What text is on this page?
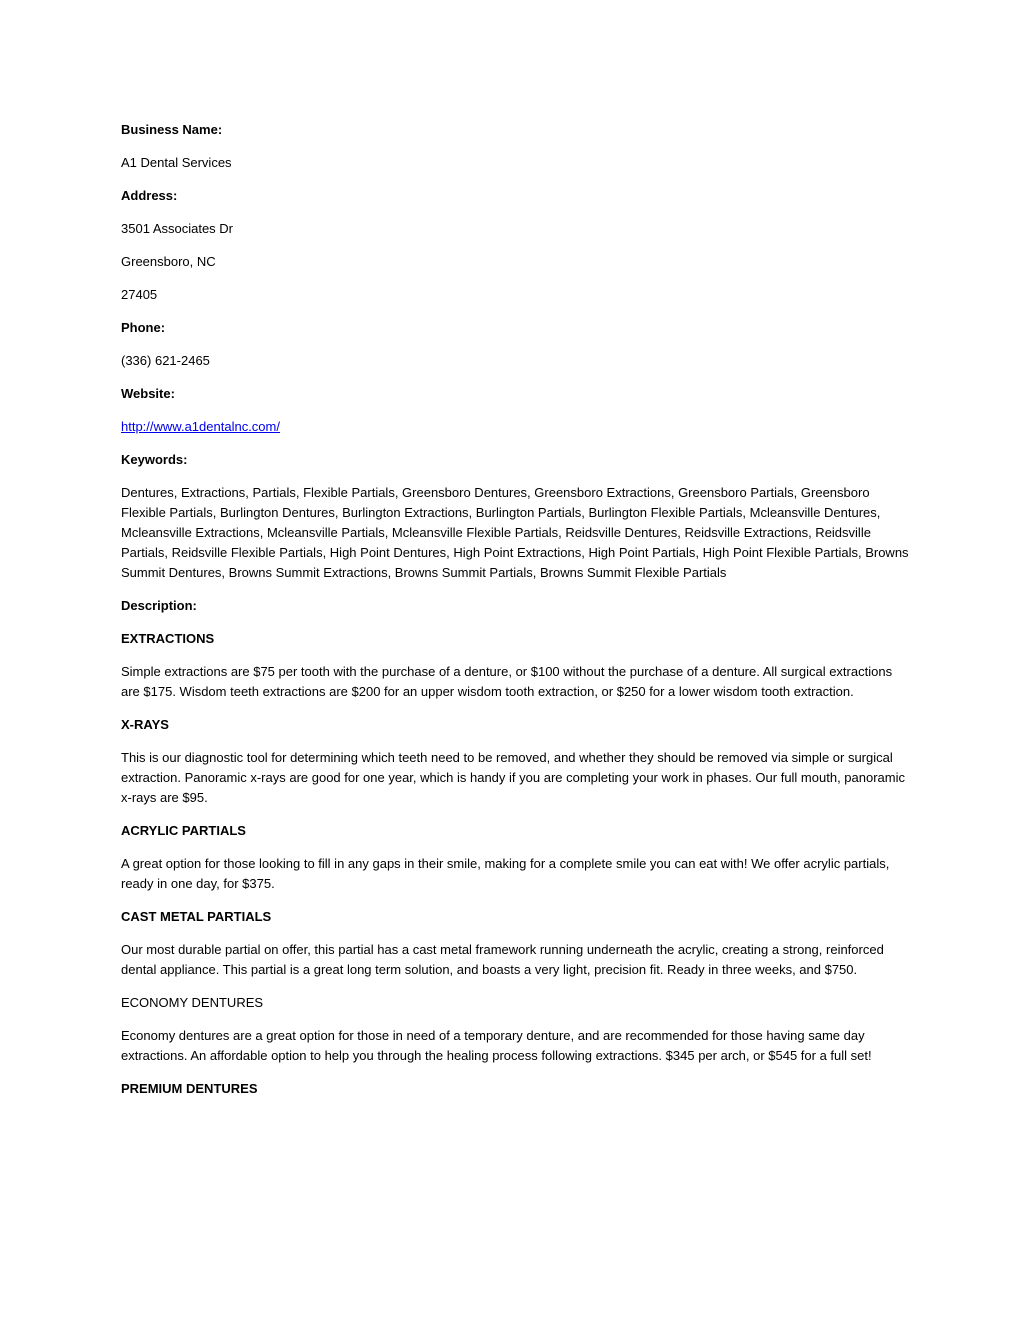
Business Name:

A1 Dental Services

Address:

3501 Associates Dr

Greensboro, NC

27405

Phone:

(336) 621-2465

Website:

http://www.a1dentalnc.com/

Keywords:

Dentures, Extractions, Partials, Flexible Partials, Greensboro Dentures, Greensboro Extractions, Greensboro Partials, Greensboro Flexible Partials, Burlington Dentures, Burlington Extractions, Burlington Partials, Burlington Flexible Partials, Mcleansville Dentures, Mcleansville Extractions, Mcleansville Partials, Mcleansville Flexible Partials, Reidsville Dentures, Reidsville Extractions, Reidsville Partials, Reidsville Flexible Partials, High Point Dentures, High Point Extractions, High Point Partials, High Point Flexible Partials, Browns Summit Dentures, Browns Summit Extractions, Browns Summit Partials, Browns Summit Flexible Partials

Description:

EXTRACTIONS

Simple extractions are $75 per tooth with the purchase of a denture, or $100 without the purchase of a denture. All surgical extractions are $175. Wisdom teeth extractions are $200 for an upper wisdom tooth extraction, or $250 for a lower wisdom tooth extraction.

X-RAYS

This is our diagnostic tool for determining which teeth need to be removed, and whether they should be removed via simple or surgical extraction. Panoramic x-rays are good for one year, which is handy if you are completing your work in phases. Our full mouth, panoramic x-rays are $95.

ACRYLIC PARTIALS

A great option for those looking to fill in any gaps in their smile, making for a complete smile you can eat with! We offer acrylic partials, ready in one day, for $375.

CAST METAL PARTIALS

Our most durable partial on offer, this partial has a cast metal framework running underneath the acrylic, creating a strong, reinforced dental appliance. This partial is a great long term solution, and boasts a very light, precision fit. Ready in three weeks, and $750.

ECONOMY DENTURES

Economy dentures are a great option for those in need of a temporary denture, and are recommended for those having same day extractions. An affordable option to help you through the healing process following extractions. $345 per arch, or $545 for a full set!

PREMIUM DENTURES
